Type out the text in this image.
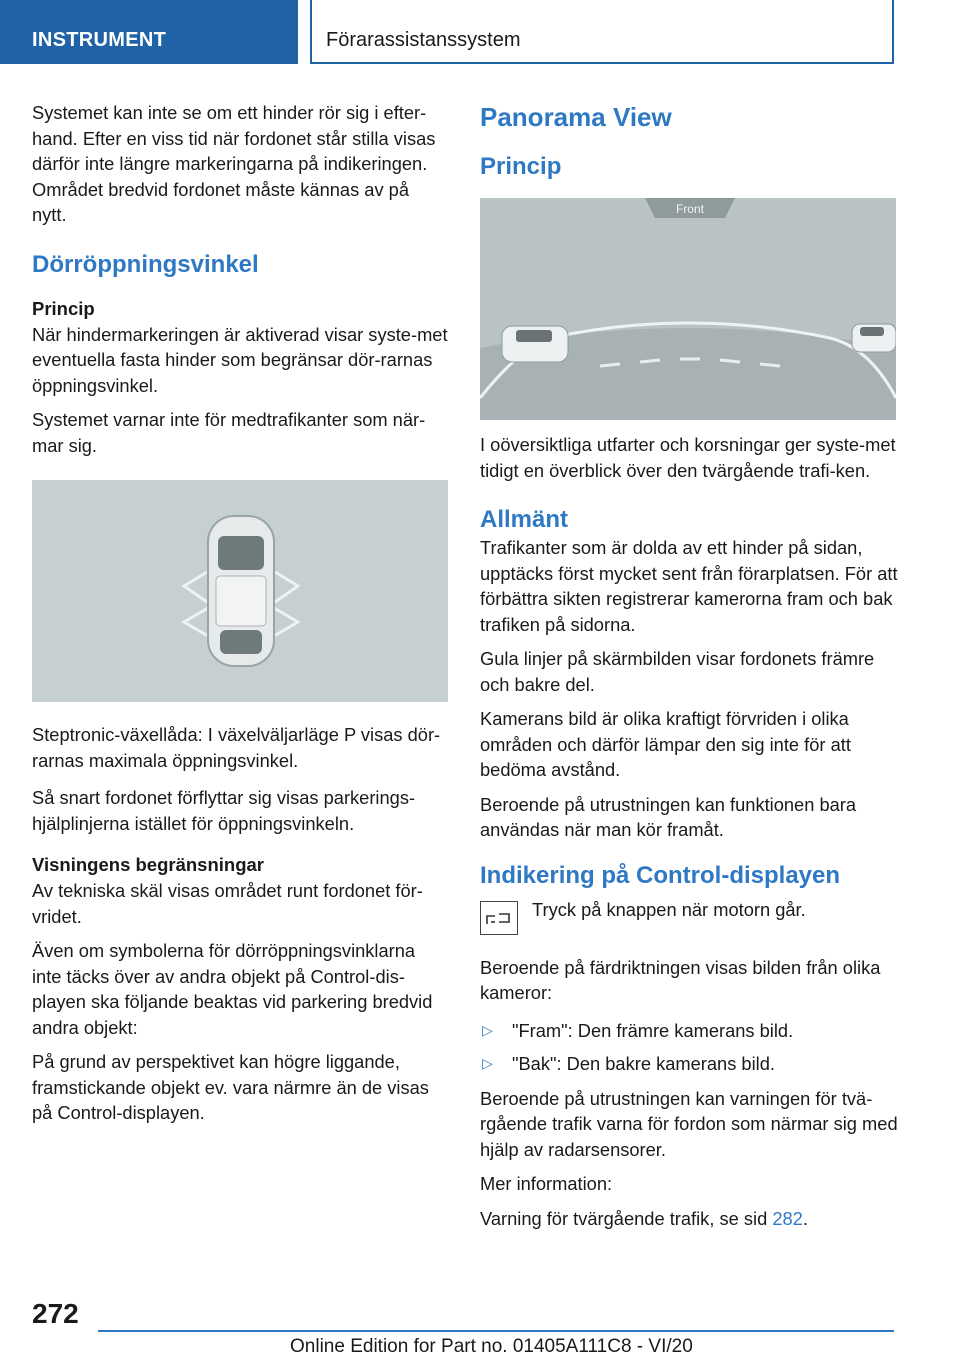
INSTRUMENT	Förarassistanssystem

Systemet kan inte se om ett hinder rör sig i efter-hand. Efter en viss tid när fordonet står stilla visas därför inte längre markeringarna på indikeringen. Området bredvid fordonet måste kännas av på nytt.

Dörröppningsvinkel
Princip

När hindermarkeringen är aktiverad visar syste-met eventuella fasta hinder som begränsar dör-rarnas öppningsvinkel.

Systemet varnar inte för medtrafikanter som när-mar sig.

Steptronic-växellåda: I växelväljarläge P visas dör-rarnas maximala öppningsvinkel.

Så snart fordonet förflyttar sig visas parkerings-hjälplinjerna istället för öppningsvinkeln.

Visningens begränsningar

Av tekniska skäl visas området runt fordonet för-vridet.

Även om symbolerna för dörröppningsvinklarna inte täcks över av andra objekt på Control-dis-playen ska följande beaktas vid parkering bredvid andra objekt:

På grund av perspektivet kan högre liggande, framstickande objekt ev. vara närmre än de visas på Control-displayen.

Panorama View
Princip
Front

I oöversiktliga utfarter och korsningar ger syste-met tidigt en överblick över den tvärgående trafi-ken.

Allmänt

Trafikanter som är dolda av ett hinder på sidan, upptäcks först mycket sent från förarplatsen. För att förbättra sikten registrerar kamerorna fram och bak trafiken på sidorna.

Gula linjer på skärmbilden visar fordonets främre och bakre del.

Kamerans bild är olika kraftigt förvriden i olika områden och därför lämpar den sig inte för att bedöma avstånd.

Beroende på utrustningen kan funktionen bara användas när man kör framåt.

Indikering på Control-displayen

Tryck på knappen när motorn går.

Beroende på färdriktningen visas bilden från olika kameror:

▷	"Fram": Den främre kamerans bild.

▷	"Bak": Den bakre kamerans bild.

Beroende på utrustningen kan varningen för tvä-rgående trafik varna för fordon som närmar sig med hjälp av radarsensorer.

Mer information:

Varning för tvärgående trafik, se sid 282.

272
Online Edition for Part no. 01405A111C8 - VI/20
